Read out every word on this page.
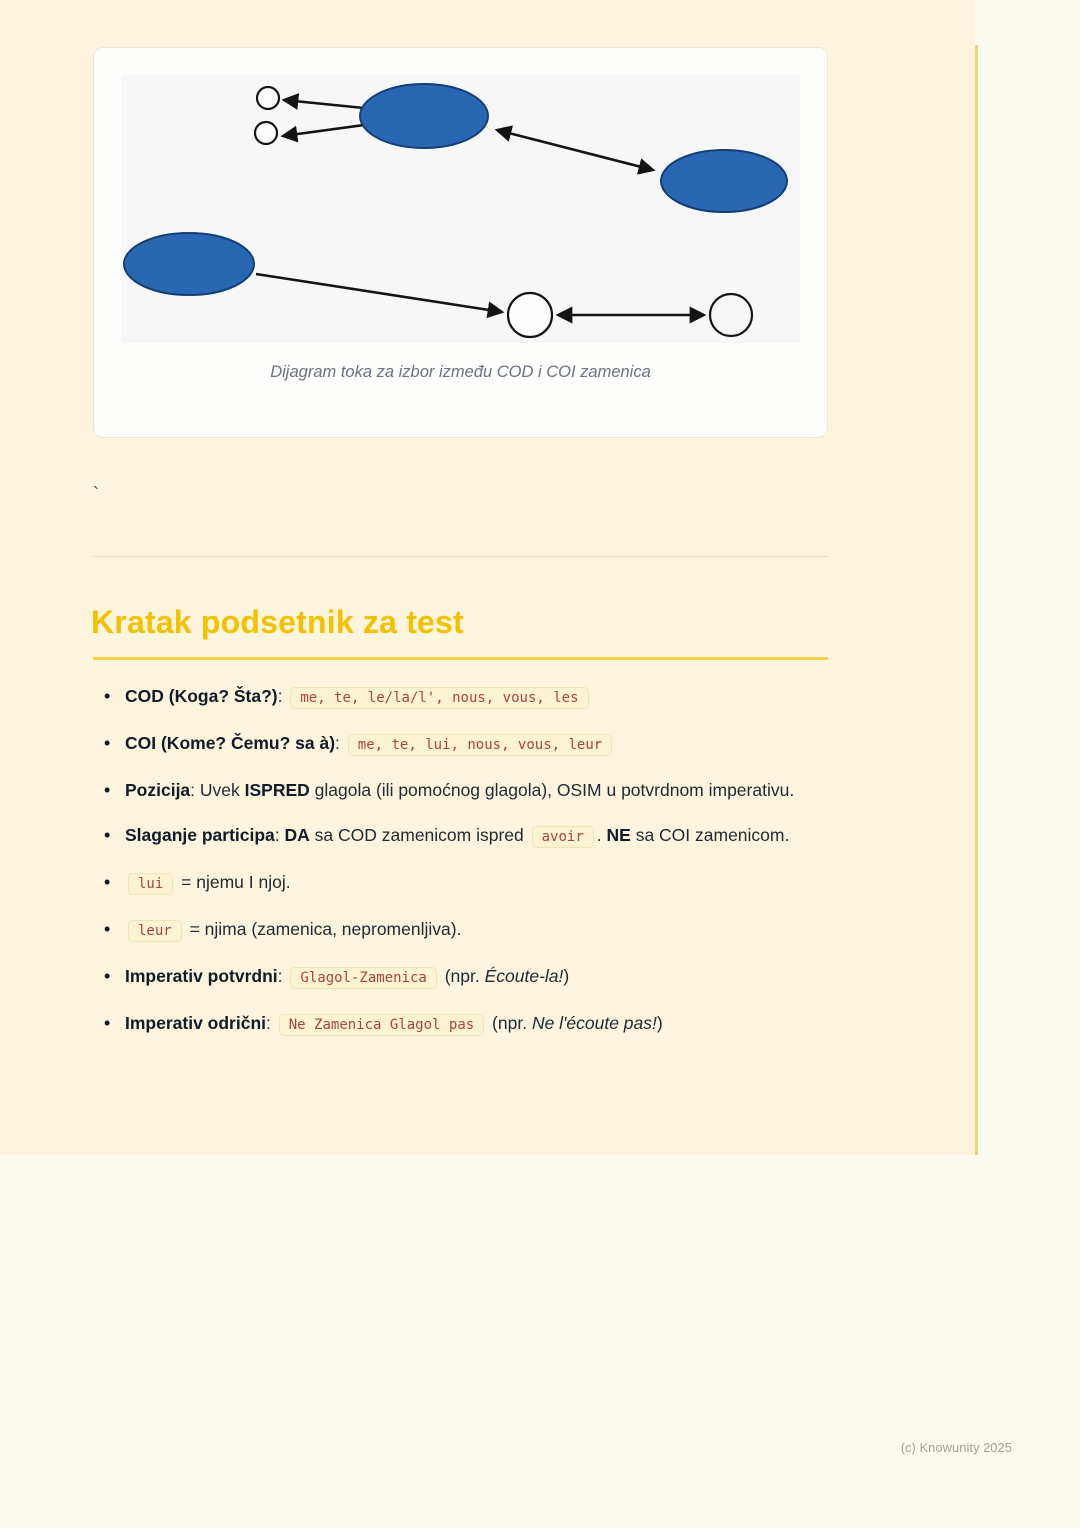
Dijagram toka za izbor između COD i COI zamenica
`
Kratak podsetnik za test
• COD (Koga? Šta?): me, te, le/la/l', nous, vous, les
• COI (Kome? Čemu? sa à): me, te, lui, nous, vous, leur
• Pozicija: Uvek ISPRED glagola (ili pomoćnog glagola), OSIM u potvrdnom imperativu.
• Slaganje participa: DA sa COD zamenicom ispred avoir . NE sa COI zamenicom.
• lui = njemu I njoj.
• leur = njima (zamenica, nepromenljiva).
• Imperativ potvrdni: Glagol-Zamenica (npr. Écoute-la!)
• Imperativ odrični: Ne Zamenica Glagol pas (npr. Ne l'écoute pas!)
(c) Knowunity 2025
